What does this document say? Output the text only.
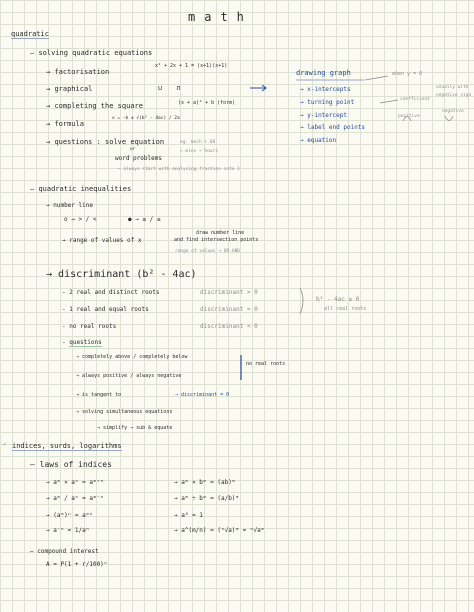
math
quadratic
– solving quadratic equations
→ factorisation
x² + 2x + 1 = (x+1)(x+1)
→ graphical	∪ ∩
→ completing the square	(x + a)² + b (form)
→ formula
x = -b ± √(b² - 4ac) / 2a
→ questions : solve equation
or
word problems
eg. km/h ÷ 60
↗ mins → hours
→ always start with analysing fraction into 1
drawing graph
→ x-intercepts
→ turning point
→ y-intercept
→ label end points
→ equation
when y = 0
usually with
negative sign
coefficient
positive
negative
– quadratic inequalities
→ number line
o → > / <	● → ≥ / ≤
→ range of values of x
draw number line
and find intersection points
range of values → OR AND
→ discriminant (b² - 4ac)
- 2 real and distinct roots
- 1 real and equal roots
- no real roots
discriminant > 0
discriminant = 0
discriminant < 0
b² - 4ac ≥ 0
all real roots
- questions
→ completely above / completely below
→ always positive / always negative
→ is tangent to
→ solving simultaneous equations
no real roots
→ discriminant = 0
→ simplify → sub & equate
✓ indices, surds, logarithms
– laws of indices
→ aᵐ × aⁿ = aᵐ⁺ⁿ
→ aᵐ / aⁿ = aᵐ⁻ⁿ
→ (aᵐ)ⁿ = aᵐⁿ
→ a⁻ⁿ = 1/aⁿ
→ aᵐ × bᵐ = (ab)ᵐ
→ aᵐ ÷ bᵐ = (a/b)ᵐ
→ a⁰ = 1
→ a^(m/n) = (ⁿ√a)ᵐ = ⁿ√aᵐ
– compound interest
A = P(1 + r/100)ⁿ
